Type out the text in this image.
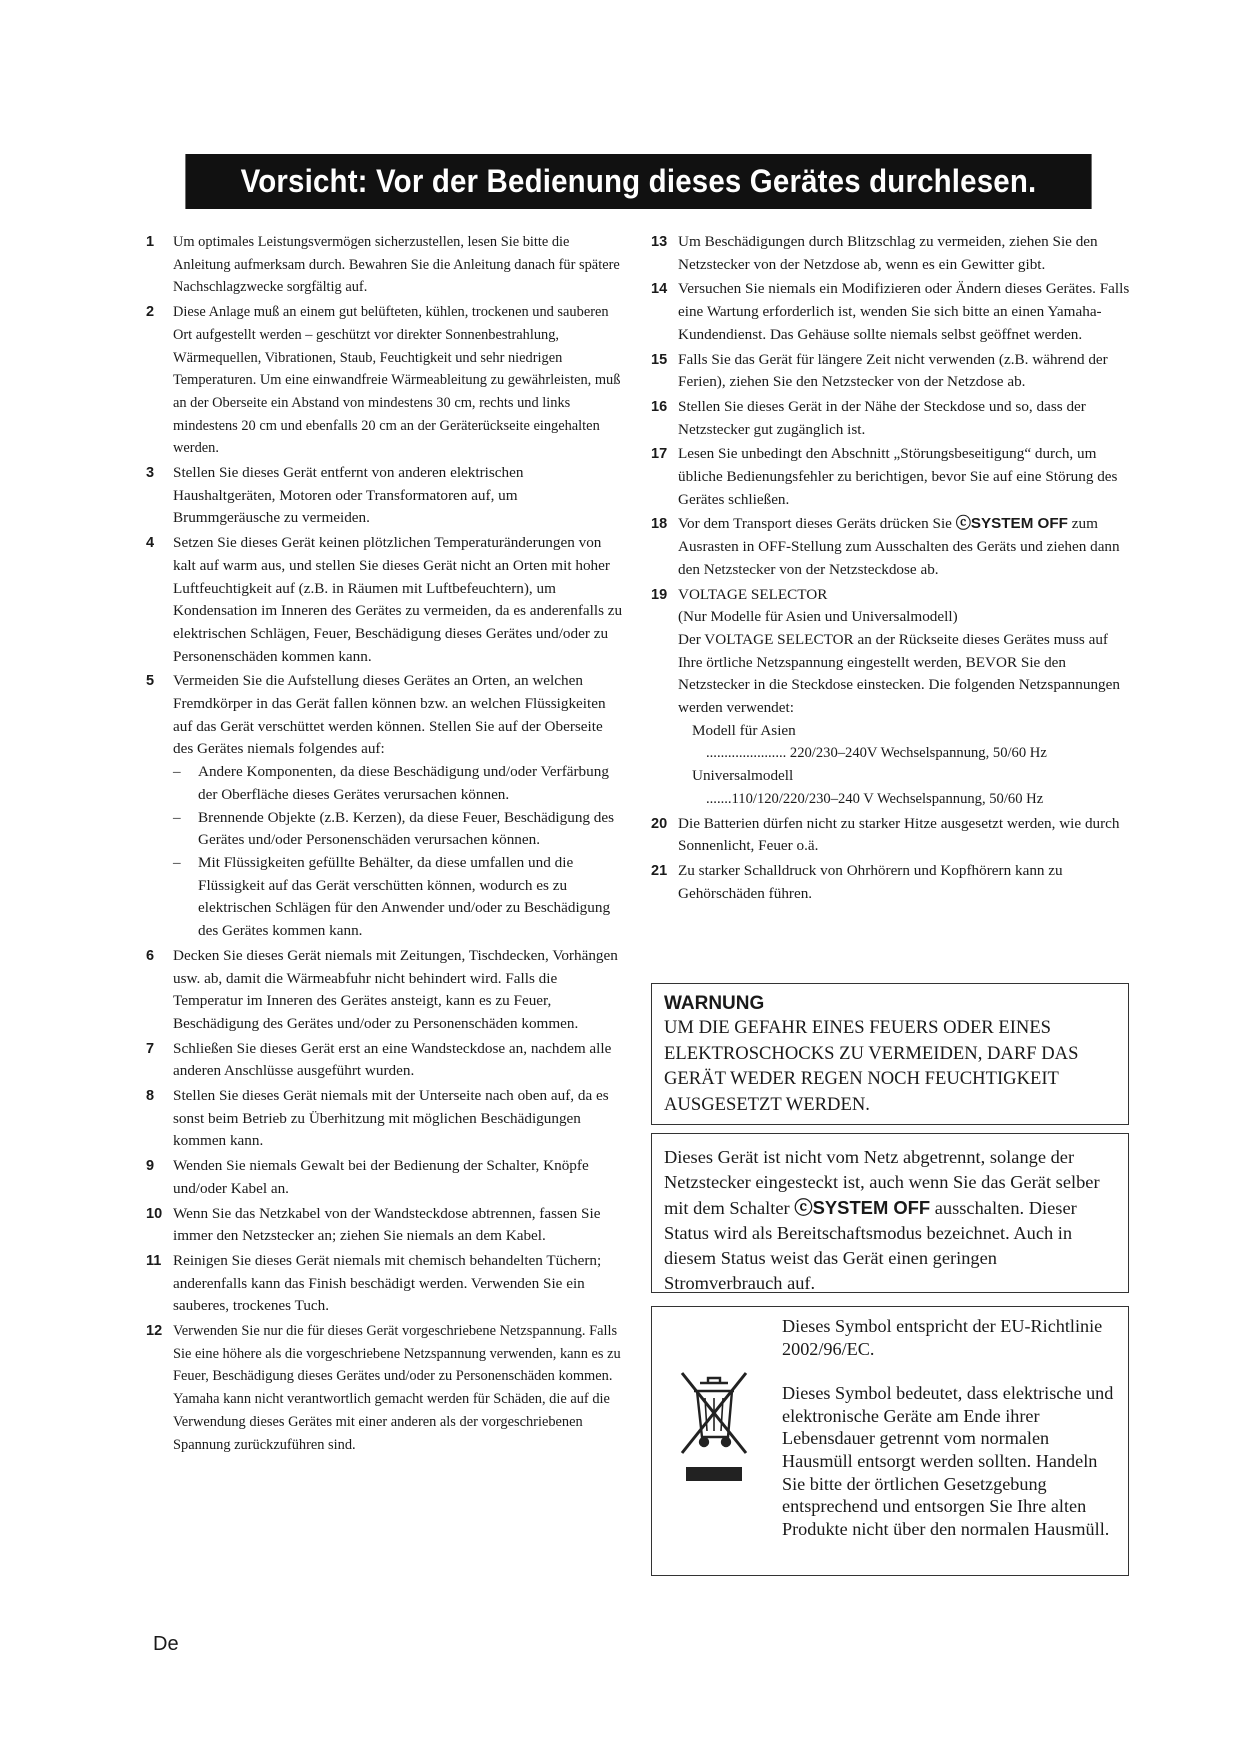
Vorsicht: Vor der Bedienung dieses Gerätes durchlesen.
1 Um optimales Leistungsvermögen sicherzustellen, lesen Sie bitte die Anleitung aufmerksam durch. Bewahren Sie die Anleitung danach für spätere Nachschlagzwecke sorgfältig auf.

2 Diese Anlage muß an einem gut belüfteten, kühlen, trockenen und sauberen Ort aufgestellt werden – geschützt vor direkter Sonnenbestrahlung, Wärmequellen, Vibrationen, Staub, Feuchtigkeit und sehr niedrigen Temperaturen. Um eine einwandfreie Wärmeableitung zu gewährleisten, muß an der Oberseite ein Abstand von mindestens 30 cm, rechts und links mindestens 20 cm und ebenfalls 20 cm an der Geräterückseite eingehalten werden.

3 Stellen Sie dieses Gerät entfernt von anderen elektrischen Haushaltgeräten, Motoren oder Transformatoren auf, um Brummgeräusche zu vermeiden.

4 Setzen Sie dieses Gerät keinen plötzlichen Temperaturänderungen von kalt auf warm aus, und stellen Sie dieses Gerät nicht an Orten mit hoher Luftfeuchtigkeit auf (z.B. in Räumen mit Luftbefeuchtern), um Kondensation im Inneren des Gerätes zu vermeiden, da es anderenfalls zu elektrischen Schlägen, Feuer, Beschädigung dieses Gerätes und/oder zu Personenschäden kommen kann.

5 Vermeiden Sie die Aufstellung dieses Gerätes an Orten, an welchen Fremdkörper in das Gerät fallen können bzw. an welchen Flüssigkeiten auf das Gerät verschüttet werden können. Stellen Sie auf der Oberseite des Gerätes niemals folgendes auf:

– Andere Komponenten, da diese Beschädigung und/oder Verfärbung der Oberfläche dieses Gerätes verursachen können.
– Brennende Objekte (z.B. Kerzen), da diese Feuer, Beschädigung des Gerätes und/oder Personenschäden verursachen können.
– Mit Flüssigkeiten gefüllte Behälter, da diese umfallen und die Flüssigkeit auf das Gerät verschütten können, wodurch es zu elektrischen Schlägen für den Anwender und/oder zu Beschädigung des Gerätes kommen kann.
6 Decken Sie dieses Gerät niemals mit Zeitungen, Tischdecken, Vorhängen usw. ab, damit die Wärmeabfuhr nicht behindert wird. Falls die Temperatur im Inneren des Gerätes ansteigt, kann es zu Feuer, Beschädigung des Gerätes und/oder zu Personenschäden kommen.

7 Schließen Sie dieses Gerät erst an eine Wandsteckdose an, nachdem alle anderen Anschlüsse ausgeführt wurden.

8 Stellen Sie dieses Gerät niemals mit der Unterseite nach oben auf, da es sonst beim Betrieb zu Überhitzung mit möglichen Beschädigungen kommen kann.

9 Wenden Sie niemals Gewalt bei der Bedienung der Schalter, Knöpfe und/oder Kabel an.

10 Wenn Sie das Netzkabel von der Wandsteckdose abtrennen, fassen Sie immer den Netzstecker an; ziehen Sie niemals an dem Kabel.

11 Reinigen Sie dieses Gerät niemals mit chemisch behandelten Tüchern; anderenfalls kann das Finish beschädigt werden. Verwenden Sie ein sauberes, trockenes Tuch.

12 Verwenden Sie nur die für dieses Gerät vorgeschriebene Netzspannung. Falls Sie eine höhere als die vorgeschriebene Netzspannung verwenden, kann es zu Feuer, Beschädigung dieses Gerätes und/oder zu Personenschäden kommen. Yamaha kann nicht verantwortlich gemacht werden für Schäden, die auf die Verwendung dieses Gerätes mit einer anderen als der vorgeschriebenen Spannung zurückzuführen sind.

13 Um Beschädigungen durch Blitzschlag zu vermeiden, ziehen Sie den Netzstecker von der Netzdose ab, wenn es ein Gewitter gibt.

14 Versuchen Sie niemals ein Modifizieren oder Ändern dieses Gerätes. Falls eine Wartung erforderlich ist, wenden Sie sich bitte an einen Yamaha-Kundendienst. Das Gehäuse sollte niemals selbst geöffnet werden.

15 Falls Sie das Gerät für längere Zeit nicht verwenden (z.B. während der Ferien), ziehen Sie den Netzstecker von der Netzdose ab.

16 Stellen Sie dieses Gerät in der Nähe der Steckdose und so, dass der Netzstecker gut zugänglich ist.

17 Lesen Sie unbedingt den Abschnitt „Störungsbeseitigung“ durch, um übliche Bedienungsfehler zu berichtigen, bevor Sie auf eine Störung des Gerätes schließen.

18 Vor dem Transport dieses Geräts drücken Sie ⓒSYSTEM OFF zum Ausrasten in OFF-Stellung zum Ausschalten des Geräts und ziehen dann den Netzstecker von der Netzsteckdose ab.

19 VOLTAGE SELECTOR

(Nur Modelle für Asien und Universalmodell)

Der VOLTAGE SELECTOR an der Rückseite dieses Gerätes muss auf Ihre örtliche Netzspannung eingestellt werden, BEVOR Sie den Netzstecker in die Steckdose einstecken. Die folgenden Netzspannungen werden verwendet:

Modell für Asien

...................... 220/230–240V Wechselspannung, 50/60 Hz

Universalmodell

.......110/120/220/230–240 V Wechselspannung, 50/60 Hz

20 Die Batterien dürfen nicht zu starker Hitze ausgesetzt werden, wie durch Sonnenlicht, Feuer o.ä.

21 Zu starker Schalldruck von Ohrhörern und Kopfhörern kann zu Gehörschäden führen.

WARNUNG
UM DIE GEFAHR EINES FEUERS ODER EINES ELEKTROSCHOCKS ZU VERMEIDEN, DARF DAS GERÄT WEDER REGEN NOCH FEUCHTIGKEIT AUSGESETZT WERDEN.
Dieses Gerät ist nicht vom Netz abgetrennt, solange der Netzstecker eingesteckt ist, auch wenn Sie das Gerät selber mit dem Schalter ⓒSYSTEM OFF ausschalten. Dieser Status wird als Bereitschaftsmodus bezeichnet. Auch in diesem Status weist das Gerät einen geringen Stromverbrauch auf.

Dieses Symbol entspricht der EU-Richtlinie 2002/96/EC.

Dieses Symbol bedeutet, dass elektrische und elektronische Geräte am Ende ihrer Lebensdauer getrennt vom normalen Hausmüll entsorgt werden sollten. Handeln Sie bitte der örtlichen Gesetzgebung entsprechend und entsorgen Sie Ihre alten Produkte nicht über den normalen Hausmüll.

De
